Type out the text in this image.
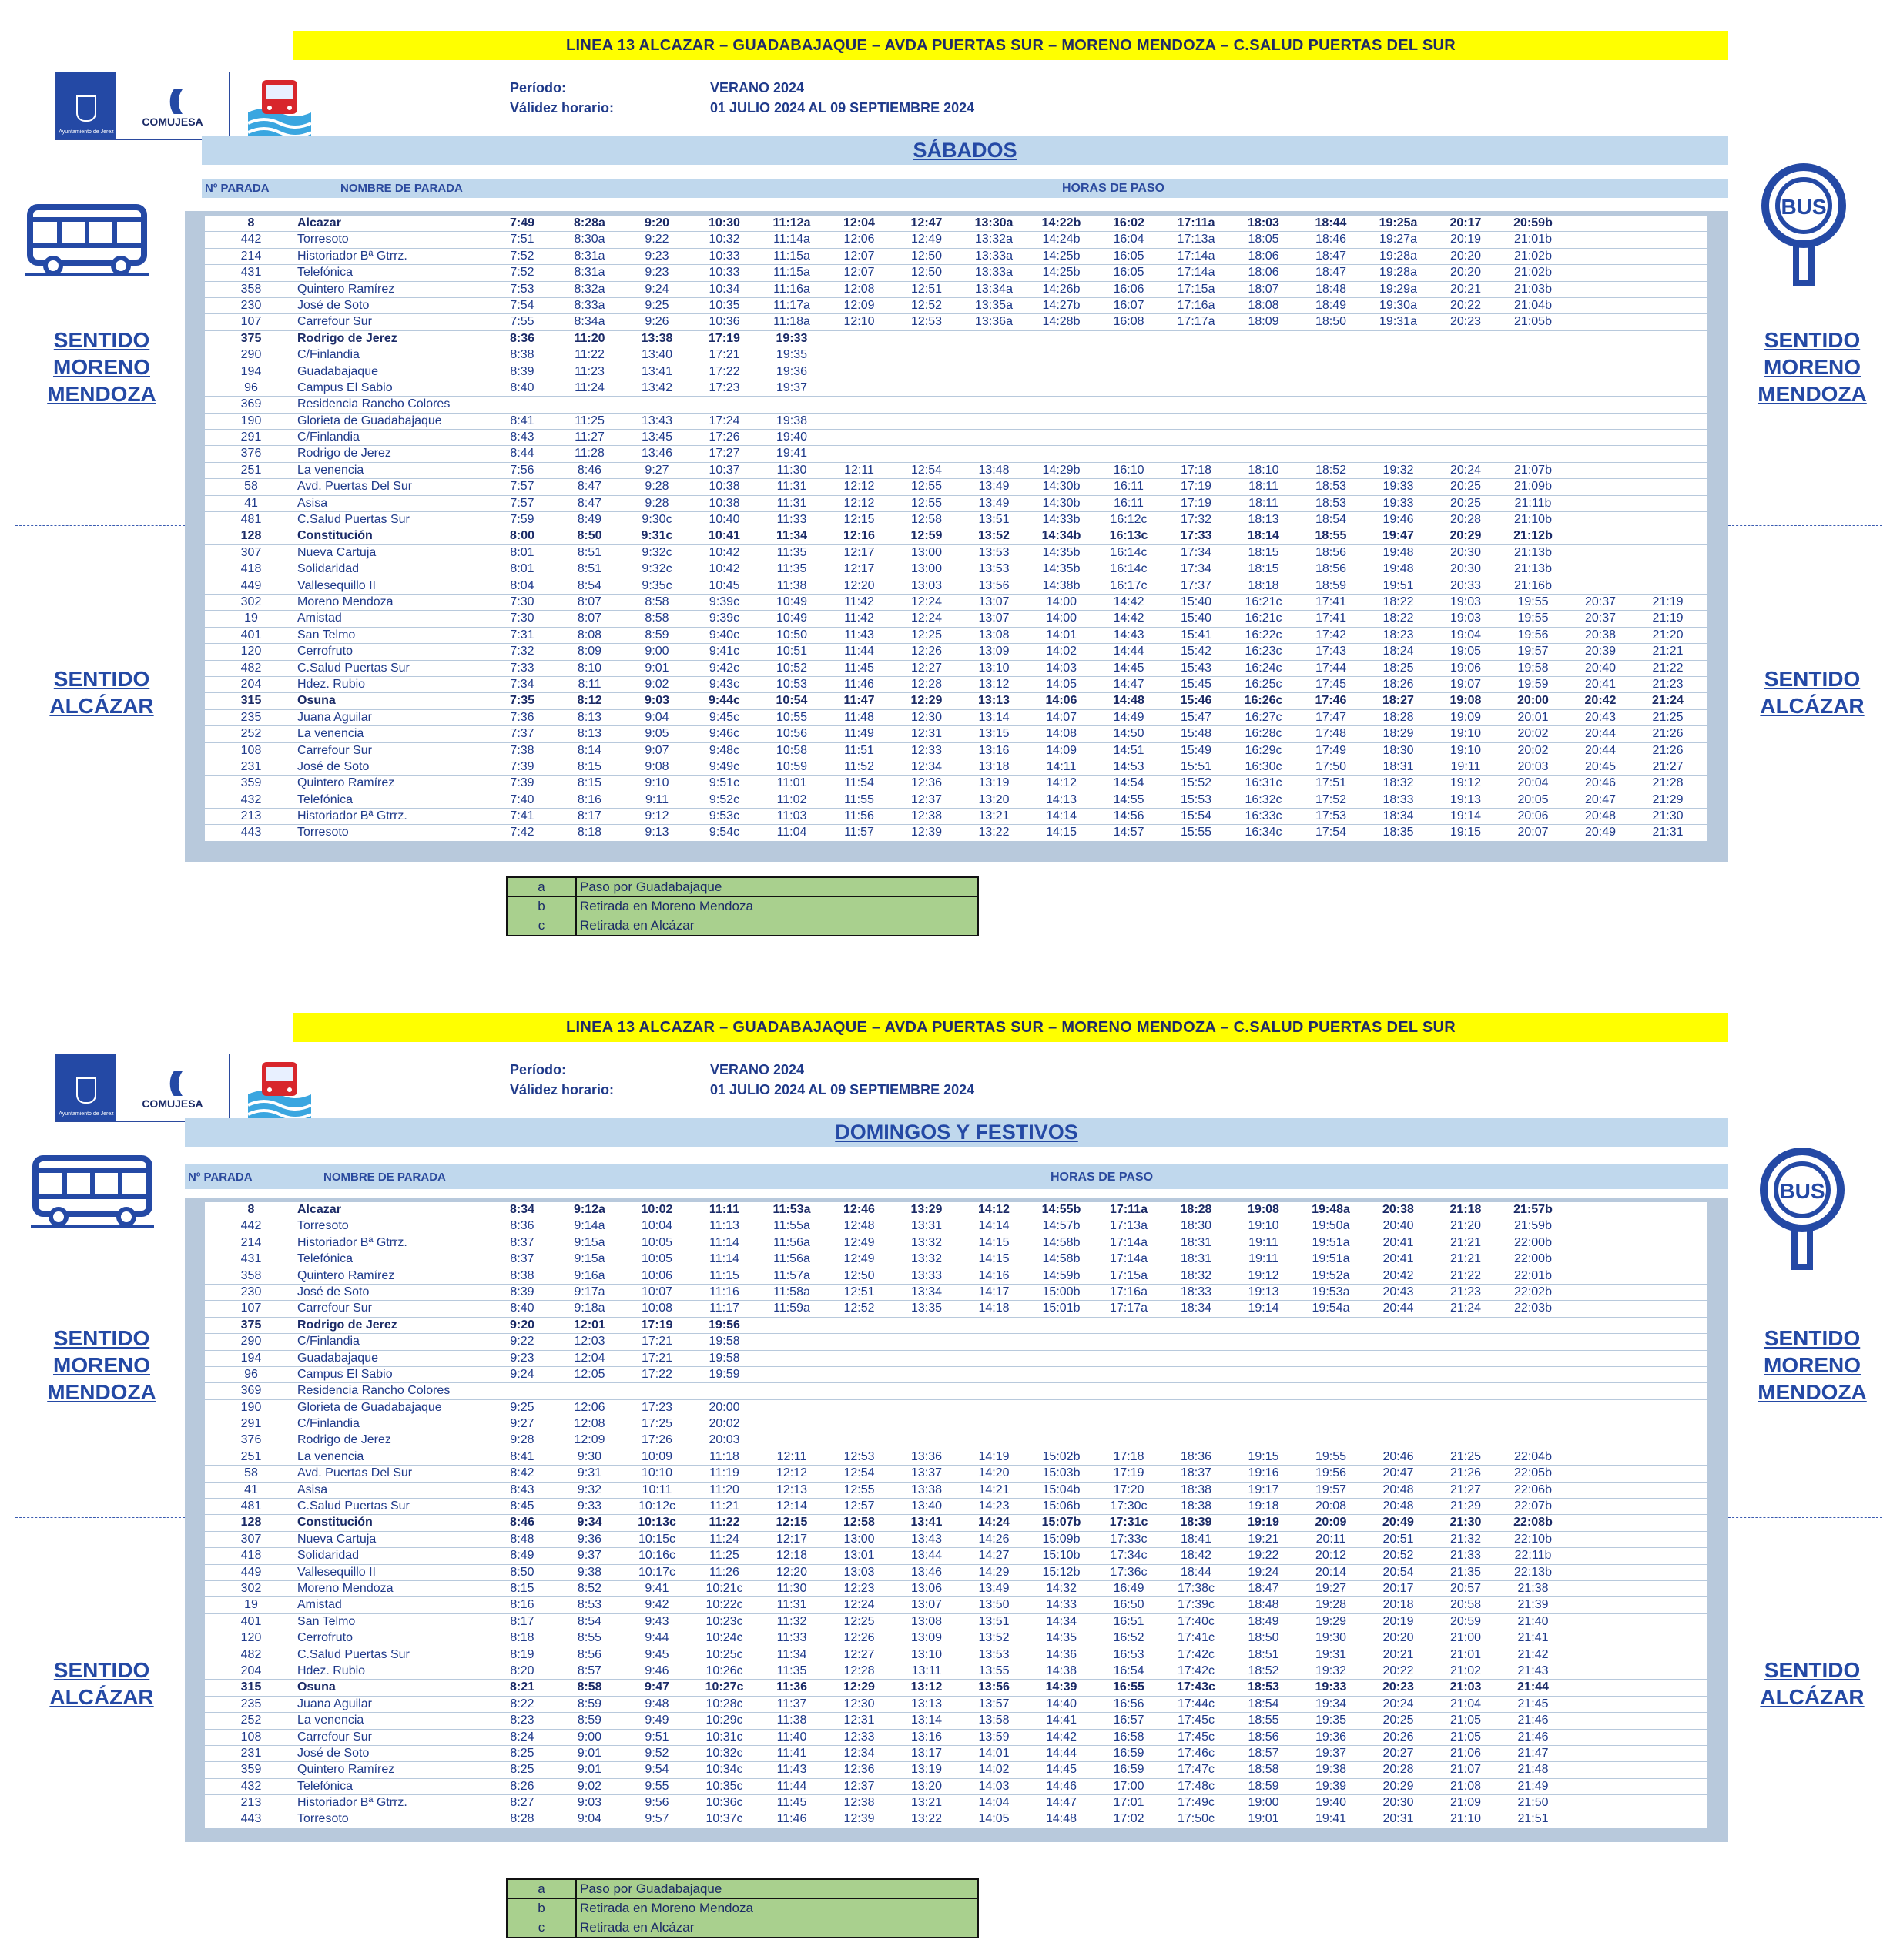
LINEA 13 ALCAZAR – GUADABAJAQUE – AVDA PUERTAS SUR – MORENO MENDOZA – C.SALUD PUERTAS DEL SUR
Ayuntamiento de Jerez
(((
COMUJESA
Período:	VERANO 2024
Válidez horario:	01 JULIO 2024 AL 09 SEPTIEMBRE 2024
SÁBADOS
Nº PARADA	NOMBRE DE PARADA	HORAS DE PASO
8	Alcazar	7:49	8:28a	9:20	10:30	11:12a	12:04	12:47	13:30a	14:22b	16:02	17:11a	18:03	18:44	19:25a	20:17	20:59b
442	Torresoto	7:51	8:30a	9:22	10:32	11:14a	12:06	12:49	13:32a	14:24b	16:04	17:13a	18:05	18:46	19:27a	20:19	21:01b
214	Historiador Bª Gtrrz.	7:52	8:31a	9:23	10:33	11:15a	12:07	12:50	13:33a	14:25b	16:05	17:14a	18:06	18:47	19:28a	20:20	21:02b
431	Telefónica	7:52	8:31a	9:23	10:33	11:15a	12:07	12:50	13:33a	14:25b	16:05	17:14a	18:06	18:47	19:28a	20:20	21:02b
358	Quintero Ramírez	7:53	8:32a	9:24	10:34	11:16a	12:08	12:51	13:34a	14:26b	16:06	17:15a	18:07	18:48	19:29a	20:21	21:03b
230	José de Soto	7:54	8:33a	9:25	10:35	11:17a	12:09	12:52	13:35a	14:27b	16:07	17:16a	18:08	18:49	19:30a	20:22	21:04b
107	Carrefour Sur	7:55	8:34a	9:26	10:36	11:18a	12:10	12:53	13:36a	14:28b	16:08	17:17a	18:09	18:50	19:31a	20:23	21:05b
375	Rodrigo de Jerez	8:36	11:20	13:38	17:19	19:33
290	C/Finlandia	8:38	11:22	13:40	17:21	19:35
194	Guadabajaque	8:39	11:23	13:41	17:22	19:36
96	Campus El Sabio	8:40	11:24	13:42	17:23	19:37
369	Residencia Rancho Colores
190	Glorieta de Guadabajaque	8:41	11:25	13:43	17:24	19:38
291	C/Finlandia	8:43	11:27	13:45	17:26	19:40
376	Rodrigo de Jerez	8:44	11:28	13:46	17:27	19:41
251	La venencia	7:56	8:46	9:27	10:37	11:30	12:11	12:54	13:48	14:29b	16:10	17:18	18:10	18:52	19:32	20:24	21:07b
58	Avd. Puertas Del Sur	7:57	8:47	9:28	10:38	11:31	12:12	12:55	13:49	14:30b	16:11	17:19	18:11	18:53	19:33	20:25	21:09b
41	Asisa	7:57	8:47	9:28	10:38	11:31	12:12	12:55	13:49	14:30b	16:11	17:19	18:11	18:53	19:33	20:25	21:11b
481	C.Salud Puertas Sur	7:59	8:49	9:30c	10:40	11:33	12:15	12:58	13:51	14:33b	16:12c	17:32	18:13	18:54	19:46	20:28	21:10b
128	Constitución	8:00	8:50	9:31c	10:41	11:34	12:16	12:59	13:52	14:34b	16:13c	17:33	18:14	18:55	19:47	20:29	21:12b
307	Nueva Cartuja	8:01	8:51	9:32c	10:42	11:35	12:17	13:00	13:53	14:35b	16:14c	17:34	18:15	18:56	19:48	20:30	21:13b
418	Solidaridad	8:01	8:51	9:32c	10:42	11:35	12:17	13:00	13:53	14:35b	16:14c	17:34	18:15	18:56	19:48	20:30	21:13b
449	Vallesequillo II	8:04	8:54	9:35c	10:45	11:38	12:20	13:03	13:56	14:38b	16:17c	17:37	18:18	18:59	19:51	20:33	21:16b
302	Moreno Mendoza	7:30	8:07	8:58	9:39c	10:49	11:42	12:24	13:07	14:00	14:42	15:40	16:21c	17:41	18:22	19:03	19:55	20:37	21:19
19	Amistad	7:30	8:07	8:58	9:39c	10:49	11:42	12:24	13:07	14:00	14:42	15:40	16:21c	17:41	18:22	19:03	19:55	20:37	21:19
401	San Telmo	7:31	8:08	8:59	9:40c	10:50	11:43	12:25	13:08	14:01	14:43	15:41	16:22c	17:42	18:23	19:04	19:56	20:38	21:20
120	Cerrofruto	7:32	8:09	9:00	9:41c	10:51	11:44	12:26	13:09	14:02	14:44	15:42	16:23c	17:43	18:24	19:05	19:57	20:39	21:21
482	C.Salud Puertas Sur	7:33	8:10	9:01	9:42c	10:52	11:45	12:27	13:10	14:03	14:45	15:43	16:24c	17:44	18:25	19:06	19:58	20:40	21:22
204	Hdez. Rubio	7:34	8:11	9:02	9:43c	10:53	11:46	12:28	13:12	14:05	14:47	15:45	16:25c	17:45	18:26	19:07	19:59	20:41	21:23
315	Osuna	7:35	8:12	9:03	9:44c	10:54	11:47	12:29	13:13	14:06	14:48	15:46	16:26c	17:46	18:27	19:08	20:00	20:42	21:24
235	Juana Aguilar	7:36	8:13	9:04	9:45c	10:55	11:48	12:30	13:14	14:07	14:49	15:47	16:27c	17:47	18:28	19:09	20:01	20:43	21:25
252	La venencia	7:37	8:13	9:05	9:46c	10:56	11:49	12:31	13:15	14:08	14:50	15:48	16:28c	17:48	18:29	19:10	20:02	20:44	21:26
108	Carrefour Sur	7:38	8:14	9:07	9:48c	10:58	11:51	12:33	13:16	14:09	14:51	15:49	16:29c	17:49	18:30	19:10	20:02	20:44	21:26
231	José de Soto	7:39	8:15	9:08	9:49c	10:59	11:52	12:34	13:18	14:11	14:53	15:51	16:30c	17:50	18:31	19:11	20:03	20:45	21:27
359	Quintero Ramírez	7:39	8:15	9:10	9:51c	11:01	11:54	12:36	13:19	14:12	14:54	15:52	16:31c	17:51	18:32	19:12	20:04	20:46	21:28
432	Telefónica	7:40	8:16	9:11	9:52c	11:02	11:55	12:37	13:20	14:13	14:55	15:53	16:32c	17:52	18:33	19:13	20:05	20:47	21:29
213	Historiador Bª Gtrrz.	7:41	8:17	9:12	9:53c	11:03	11:56	12:38	13:21	14:14	14:56	15:54	16:33c	17:53	18:34	19:14	20:06	20:48	21:30
443	Torresoto	7:42	8:18	9:13	9:54c	11:04	11:57	12:39	13:22	14:15	14:57	15:55	16:34c	17:54	18:35	19:15	20:07	20:49	21:31
BUS
SENTIDO
MORENO
MENDOZA
SENTIDO
MORENO
MENDOZA
SENTIDO
ALCÁZAR
SENTIDO
ALCÁZAR
a	Paso por Guadabajaque
b	Retirada en Moreno Mendoza
c	Retirada en Alcázar
LINEA 13 ALCAZAR – GUADABAJAQUE – AVDA PUERTAS SUR – MORENO MENDOZA – C.SALUD PUERTAS DEL SUR
Ayuntamiento de Jerez
(((
COMUJESA
Período:	VERANO 2024
Válidez horario:	01 JULIO 2024 AL 09 SEPTIEMBRE 2024
DOMINGOS Y FESTIVOS
Nº PARADA	NOMBRE DE PARADA	HORAS DE PASO
8	Alcazar	8:34	9:12a	10:02	11:11	11:53a	12:46	13:29	14:12	14:55b	17:11a	18:28	19:08	19:48a	20:38	21:18	21:57b
442	Torresoto	8:36	9:14a	10:04	11:13	11:55a	12:48	13:31	14:14	14:57b	17:13a	18:30	19:10	19:50a	20:40	21:20	21:59b
214	Historiador Bª Gtrrz.	8:37	9:15a	10:05	11:14	11:56a	12:49	13:32	14:15	14:58b	17:14a	18:31	19:11	19:51a	20:41	21:21	22:00b
431	Telefónica	8:37	9:15a	10:05	11:14	11:56a	12:49	13:32	14:15	14:58b	17:14a	18:31	19:11	19:51a	20:41	21:21	22:00b
358	Quintero Ramírez	8:38	9:16a	10:06	11:15	11:57a	12:50	13:33	14:16	14:59b	17:15a	18:32	19:12	19:52a	20:42	21:22	22:01b
230	José de Soto	8:39	9:17a	10:07	11:16	11:58a	12:51	13:34	14:17	15:00b	17:16a	18:33	19:13	19:53a	20:43	21:23	22:02b
107	Carrefour Sur	8:40	9:18a	10:08	11:17	11:59a	12:52	13:35	14:18	15:01b	17:17a	18:34	19:14	19:54a	20:44	21:24	22:03b
375	Rodrigo de Jerez	9:20	12:01	17:19	19:56
290	C/Finlandia	9:22	12:03	17:21	19:58
194	Guadabajaque	9:23	12:04	17:21	19:58
96	Campus El Sabio	9:24	12:05	17:22	19:59
369	Residencia Rancho Colores
190	Glorieta de Guadabajaque	9:25	12:06	17:23	20:00
291	C/Finlandia	9:27	12:08	17:25	20:02
376	Rodrigo de Jerez	9:28	12:09	17:26	20:03
251	La venencia	8:41	9:30	10:09	11:18	12:11	12:53	13:36	14:19	15:02b	17:18	18:36	19:15	19:55	20:46	21:25	22:04b
58	Avd. Puertas Del Sur	8:42	9:31	10:10	11:19	12:12	12:54	13:37	14:20	15:03b	17:19	18:37	19:16	19:56	20:47	21:26	22:05b
41	Asisa	8:43	9:32	10:11	11:20	12:13	12:55	13:38	14:21	15:04b	17:20	18:38	19:17	19:57	20:48	21:27	22:06b
481	C.Salud Puertas Sur	8:45	9:33	10:12c	11:21	12:14	12:57	13:40	14:23	15:06b	17:30c	18:38	19:18	20:08	20:48	21:29	22:07b
128	Constitución	8:46	9:34	10:13c	11:22	12:15	12:58	13:41	14:24	15:07b	17:31c	18:39	19:19	20:09	20:49	21:30	22:08b
307	Nueva Cartuja	8:48	9:36	10:15c	11:24	12:17	13:00	13:43	14:26	15:09b	17:33c	18:41	19:21	20:11	20:51	21:32	22:10b
418	Solidaridad	8:49	9:37	10:16c	11:25	12:18	13:01	13:44	14:27	15:10b	17:34c	18:42	19:22	20:12	20:52	21:33	22:11b
449	Vallesequillo II	8:50	9:38	10:17c	11:26	12:20	13:03	13:46	14:29	15:12b	17:36c	18:44	19:24	20:14	20:54	21:35	22:13b
302	Moreno Mendoza	8:15	8:52	9:41	10:21c	11:30	12:23	13:06	13:49	14:32	16:49	17:38c	18:47	19:27	20:17	20:57	21:38
19	Amistad	8:16	8:53	9:42	10:22c	11:31	12:24	13:07	13:50	14:33	16:50	17:39c	18:48	19:28	20:18	20:58	21:39
401	San Telmo	8:17	8:54	9:43	10:23c	11:32	12:25	13:08	13:51	14:34	16:51	17:40c	18:49	19:29	20:19	20:59	21:40
120	Cerrofruto	8:18	8:55	9:44	10:24c	11:33	12:26	13:09	13:52	14:35	16:52	17:41c	18:50	19:30	20:20	21:00	21:41
482	C.Salud Puertas Sur	8:19	8:56	9:45	10:25c	11:34	12:27	13:10	13:53	14:36	16:53	17:42c	18:51	19:31	20:21	21:01	21:42
204	Hdez. Rubio	8:20	8:57	9:46	10:26c	11:35	12:28	13:11	13:55	14:38	16:54	17:42c	18:52	19:32	20:22	21:02	21:43
315	Osuna	8:21	8:58	9:47	10:27c	11:36	12:29	13:12	13:56	14:39	16:55	17:43c	18:53	19:33	20:23	21:03	21:44
235	Juana Aguilar	8:22	8:59	9:48	10:28c	11:37	12:30	13:13	13:57	14:40	16:56	17:44c	18:54	19:34	20:24	21:04	21:45
252	La venencia	8:23	8:59	9:49	10:29c	11:38	12:31	13:14	13:58	14:41	16:57	17:45c	18:55	19:35	20:25	21:05	21:46
108	Carrefour Sur	8:24	9:00	9:51	10:31c	11:40	12:33	13:16	13:59	14:42	16:58	17:45c	18:56	19:36	20:26	21:05	21:46
231	José de Soto	8:25	9:01	9:52	10:32c	11:41	12:34	13:17	14:01	14:44	16:59	17:46c	18:57	19:37	20:27	21:06	21:47
359	Quintero Ramírez	8:25	9:01	9:54	10:34c	11:43	12:36	13:19	14:02	14:45	16:59	17:47c	18:58	19:38	20:28	21:07	21:48
432	Telefónica	8:26	9:02	9:55	10:35c	11:44	12:37	13:20	14:03	14:46	17:00	17:48c	18:59	19:39	20:29	21:08	21:49
213	Historiador Bª Gtrrz.	8:27	9:03	9:56	10:36c	11:45	12:38	13:21	14:04	14:47	17:01	17:49c	19:00	19:40	20:30	21:09	21:50
443	Torresoto	8:28	9:04	9:57	10:37c	11:46	12:39	13:22	14:05	14:48	17:02	17:50c	19:01	19:41	20:31	21:10	21:51
BUS
SENTIDO
MORENO
MENDOZA
SENTIDO
MORENO
MENDOZA
SENTIDO
ALCÁZAR
SENTIDO
ALCÁZAR
a	Paso por Guadabajaque
b	Retirada en Moreno Mendoza
c	Retirada en Alcázar
